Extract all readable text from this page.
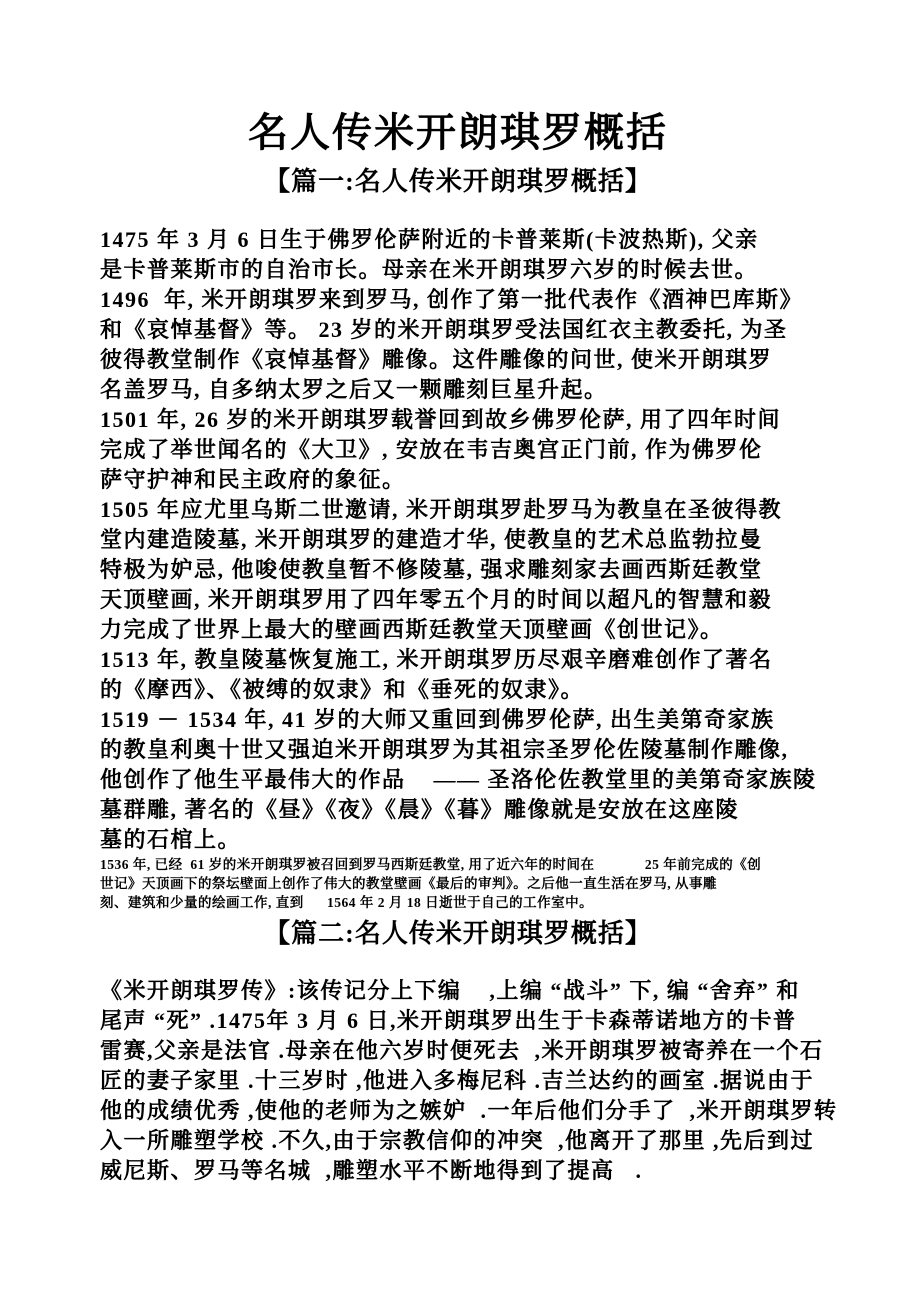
名人传米开朗琪罗概括
【篇一:名人传米开朗琪罗概括】
1475 年 3 月 6 日生于佛罗伦萨附近的卡普莱斯(卡波热斯), 父亲
是卡普莱斯市的自治市长。母亲在米开朗琪罗六岁的时候去世。
1496  年, 米开朗琪罗来到罗马, 创作了第一批代表作《酒神巴库斯》
和《哀悼基督》等。 23 岁的米开朗琪罗受法国红衣主教委托, 为圣
彼得教堂制作《哀悼基督》雕像。这件雕像的问世, 使米开朗琪罗
名盖罗马, 自多纳太罗之后又一颗雕刻巨星升起。
1501 年, 26 岁的米开朗琪罗载誉回到故乡佛罗伦萨, 用了四年时间
完成了举世闻名的《大卫》, 安放在韦吉奥宫正门前, 作为佛罗伦
萨守护神和民主政府的象征。
1505 年应尤里乌斯二世邀请, 米开朗琪罗赴罗马为教皇在圣彼得教
堂内建造陵墓, 米开朗琪罗的建造才华, 使教皇的艺术总监勃拉曼
特极为妒忌, 他唆使教皇暂不修陵墓, 强求雕刻家去画西斯廷教堂
天顶壁画, 米开朗琪罗用了四年零五个月的时间以超凡的智慧和毅
力完成了世界上最大的壁画西斯廷教堂天顶壁画《创世记》。
1513 年, 教皇陵墓恢复施工, 米开朗琪罗历尽艰辛磨难创作了著名
的《摩西》、《被缚的奴隶》和《垂死的奴隶》。
1519 － 1534 年, 41 岁的大师又重回到佛罗伦萨, 出生美第奇家族
的教皇利奥十世又强迫米开朗琪罗为其祖宗圣罗伦佐陵墓制作雕像,
他创作了他生平最伟大的作品    —— 圣洛伦佐教堂里的美第奇家族陵
墓群雕, 著名的《昼》《夜》《晨》《暮》雕像就是安放在这座陵
墓的石棺上。
1536 年, 已经  61 岁的米开朗琪罗被召回到罗马西斯廷教堂, 用了近六年的时间在             25 年前完成的《创
世记》天顶画下的祭坛壁面上创作了伟大的教堂壁画《最后的审判》。之后他一直生活在罗马, 从事雕
刻、建筑和少量的绘画工作, 直到      1564 年 2 月 18 日逝世于自己的工作室中。
【篇二:名人传米开朗琪罗概括】
《米开朗琪罗传》:该传记分上下编    ,上编 “战斗” 下, 编 “舍弃” 和
尾声 “死” .1475年 3 月 6 日,米开朗琪罗出生于卡森蒂诺地方的卡普
雷赛,父亲是法官 .母亲在他六岁时便死去  ,米开朗琪罗被寄养在一个石
匠的妻子家里 .十三岁时 ,他进入多梅尼科 .吉兰达约的画室 .据说由于
他的成绩优秀 ,使他的老师为之嫉妒  .一年后他们分手了  ,米开朗琪罗转
入一所雕塑学校 .不久,由于宗教信仰的冲突  ,他离开了那里 ,先后到过
威尼斯、罗马等名城  ,雕塑水平不断地得到了提高   .
